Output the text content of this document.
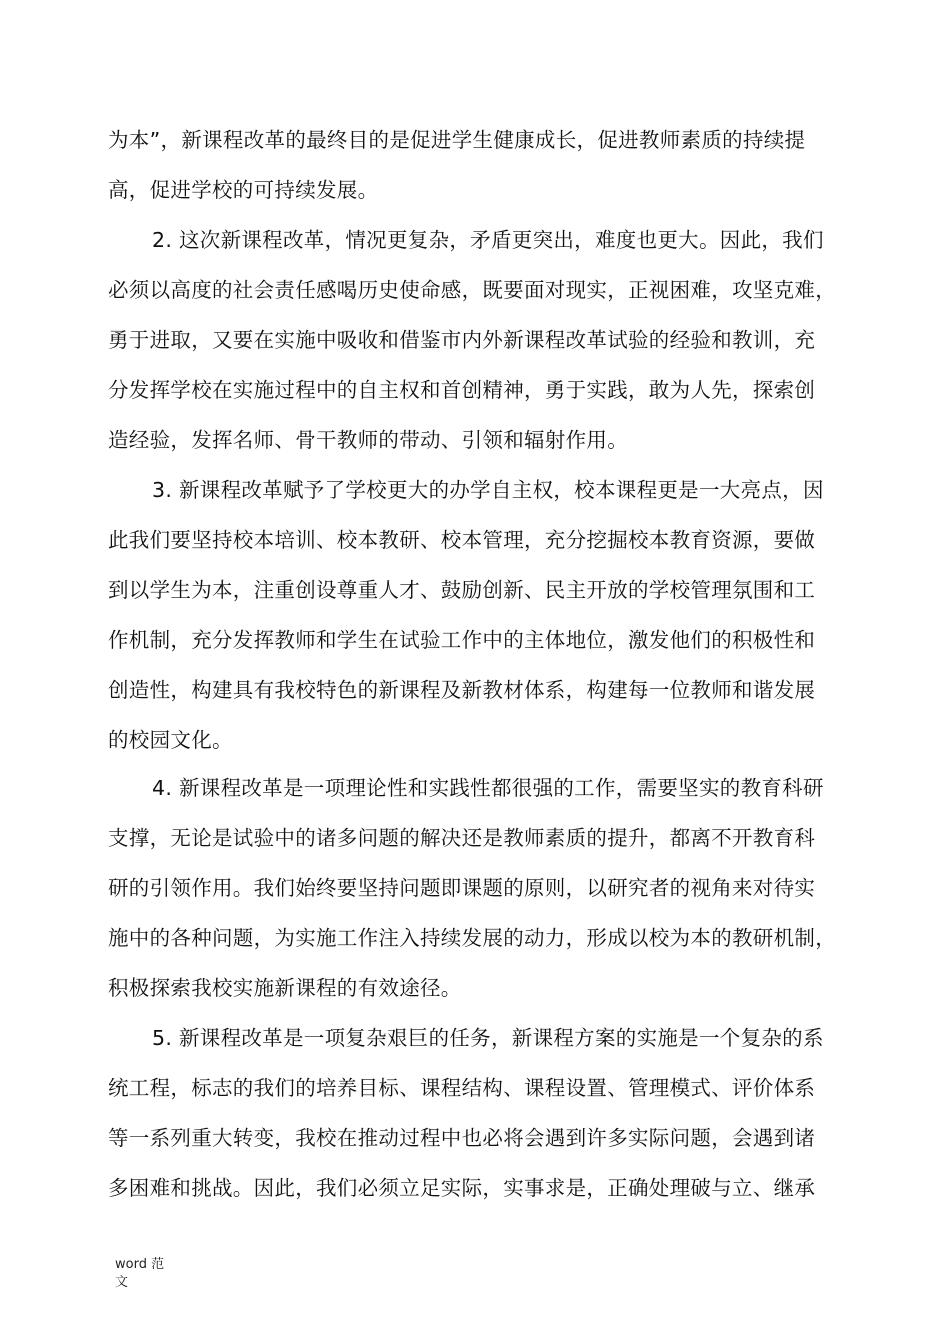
为本”，新课程改革的最终目的是促进学生健康成长，促进教师素质的持续提
高，促进学校的可持续发展。
2. 这次新课程改革，情况更复杂，矛盾更突出，难度也更大。因此，我们
必须以高度的社会责任感喝历史使命感，既要面对现实，正视困难，攻坚克难，
勇于进取，又要在实施中吸收和借鉴市内外新课程改革试验的经验和教训，充
分发挥学校在实施过程中的自主权和首创精神，勇于实践，敢为人先，探索创
造经验，发挥名师、骨干教师的带动、引领和辐射作用。
3. 新课程改革赋予了学校更大的办学自主权，校本课程更是一大亮点，因
此我们要坚持校本培训、校本教研、校本管理，充分挖掘校本教育资源，要做
到以学生为本，注重创设尊重人才、鼓励创新、民主开放的学校管理氛围和工
作机制，充分发挥教师和学生在试验工作中的主体地位，激发他们的积极性和
创造性，构建具有我校特色的新课程及新教材体系，构建每一位教师和谐发展
的校园文化。
4. 新课程改革是一项理论性和实践性都很强的工作，需要坚实的教育科研
支撑，无论是试验中的诸多问题的解决还是教师素质的提升，都离不开教育科
研的引领作用。我们始终要坚持问题即课题的原则，以研究者的视角来对待实
施中的各种问题，为实施工作注入持续发展的动力，形成以校为本的教研机制，
积极探索我校实施新课程的有效途径。
5. 新课程改革是一项复杂艰巨的任务，新课程方案的实施是一个复杂的系
统工程，标志的我们的培养目标、课程结构、课程设置、管理模式、评价体系
等一系列重大转变，我校在推动过程中也必将会遇到许多实际问题，会遇到诸
多困难和挑战。因此，我们必须立足实际，实事求是，正确处理破与立、继承
word 范
文
